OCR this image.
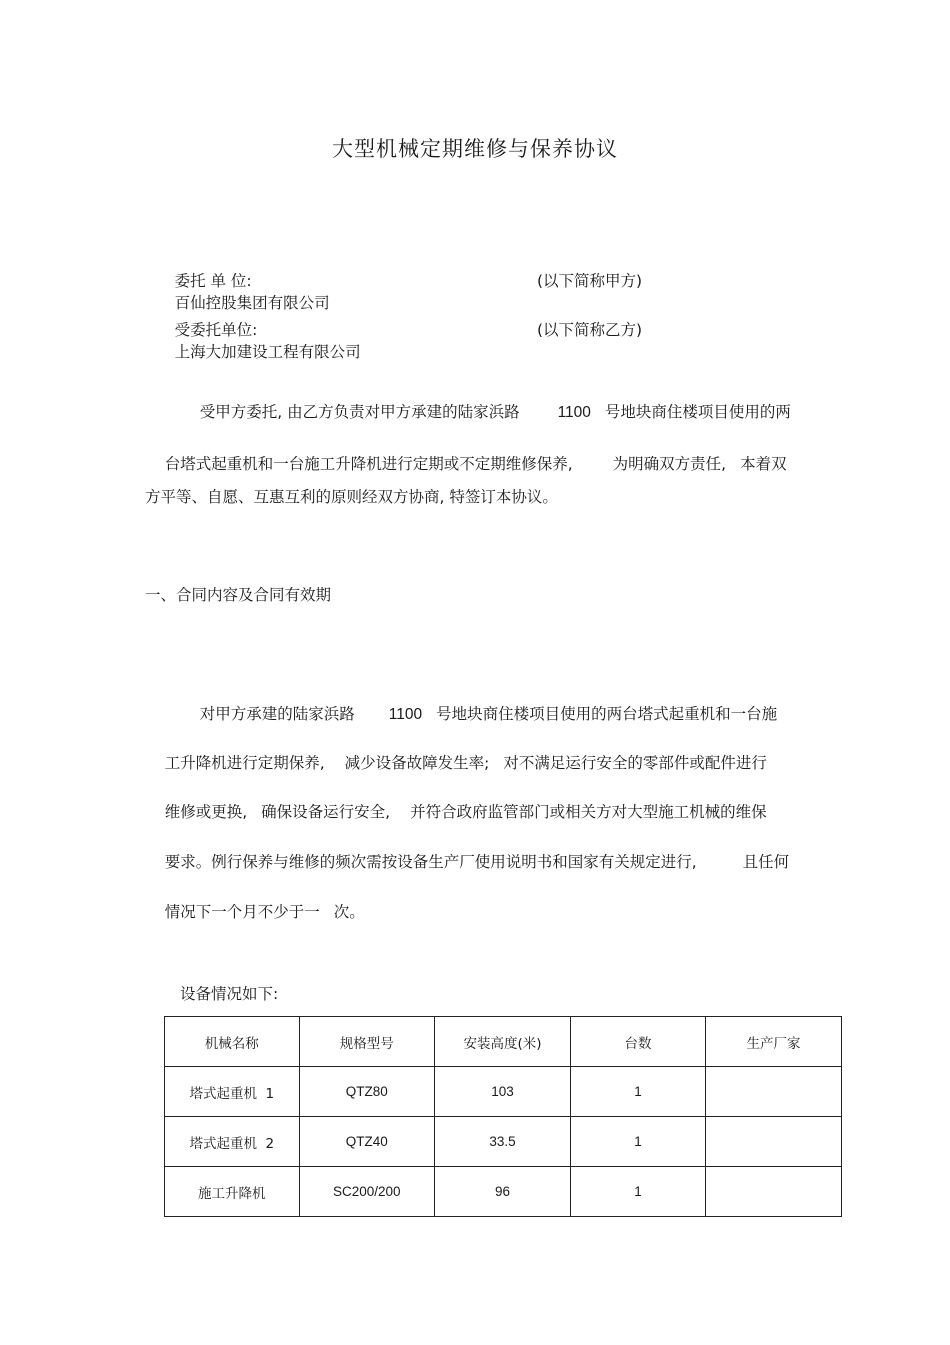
大型机械定期维修与保养协议

委托 单 位:
百仙控股集团有限公司

(以下简称甲方)

受委托单位:
上海大加建设工程有限公司

(以下简称乙方)

受甲方委托, 由乙方负责对甲方承建的陆家浜路 1100 号地块商住楼项目使用的两

台塔式起重机和一台施工升降机进行定期或不定期维修保养,	为明确双方责任, 本着双

方平等、自愿、互惠互利的原则经双方协商, 特签订本协议。
一、合同内容及合同有效期

对甲方承建的陆家浜路 1100 号地块商住楼项目使用的两台塔式起重机和一台施

工升降机进行定期保养, 减少设备故障发生率; 对不满足运行安全的零部件或配件进行

维修或更换, 确保设备运行安全, 并符合政府监管部门或相关方对大型施工机械的维保

要求。例行保养与维修的频次需按设备生产厂使用说明书和国家有关规定进行,	且任何

情况下一个月不少于一 次。

设备情况如下:
机械名称	规格型号	安装高度(米)	台数	生产厂家
塔式起重机  1	QTZ80	103	1	
塔式起重机  2	QTZ40	33.5	1	
施工升降机	SC200/200	96	1	
